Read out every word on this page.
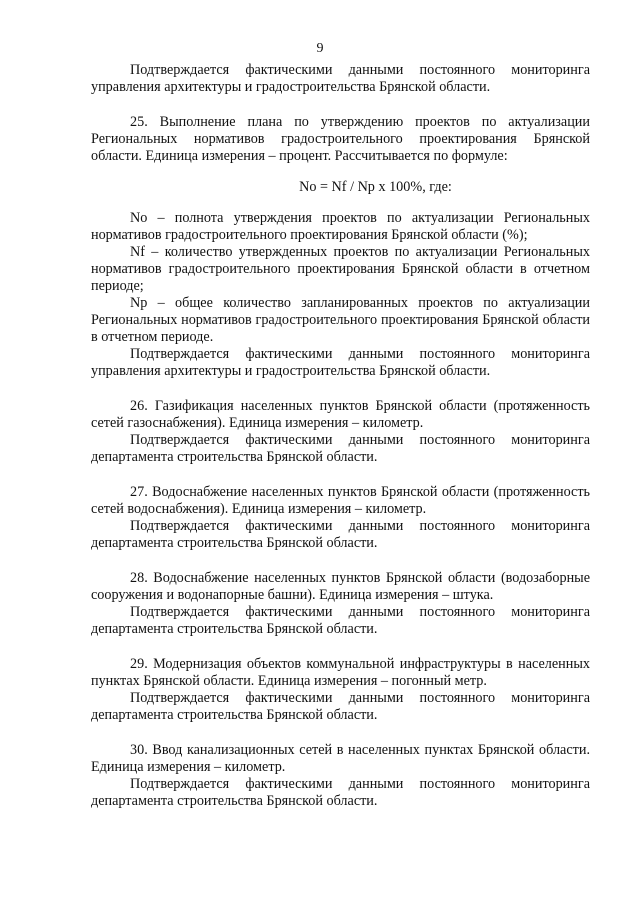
9

Подтверждается фактическими данными постоянного мониторинга управления архитектуры и градостроительства Брянской области.

25. Выполнение плана по утверждению проектов по актуализации Региональных нормативов градостроительного проектирования Брянской области. Единица измерения – процент. Рассчитывается по формуле:

No = Nf / Np х 100%, где:

No – полнота утверждения проектов по актуализации Региональных нормативов градостроительного проектирования Брянской области (%);

Nf – количество утвержденных проектов по актуализации Региональных нормативов градостроительного проектирования Брянской области в отчетном периоде;

Np – общее количество запланированных проектов по актуализации Региональных нормативов градостроительного проектирования Брянской области в отчетном периоде.

Подтверждается фактическими данными постоянного мониторинга управления архитектуры и градостроительства Брянской области.

26. Газификация населенных пунктов Брянской области (протяженность сетей газоснабжения). Единица измерения – километр.

Подтверждается фактическими данными постоянного мониторинга департамента строительства Брянской области.

27. Водоснабжение населенных пунктов Брянской области (протяженность сетей водоснабжения). Единица измерения – километр.

Подтверждается фактическими данными постоянного мониторинга департамента строительства Брянской области.

28. Водоснабжение населенных пунктов Брянской области (водозаборные сооружения и водонапорные башни). Единица измерения – штука.

Подтверждается фактическими данными постоянного мониторинга департамента строительства Брянской области.

29. Модернизация объектов коммунальной инфраструктуры в населенных пунктах Брянской области. Единица измерения – погонный метр.

Подтверждается фактическими данными постоянного мониторинга департамента строительства Брянской области.

30. Ввод канализационных сетей в населенных пунктах Брянской области. Единица измерения – километр.

Подтверждается фактическими данными постоянного мониторинга департамента строительства Брянской области.
